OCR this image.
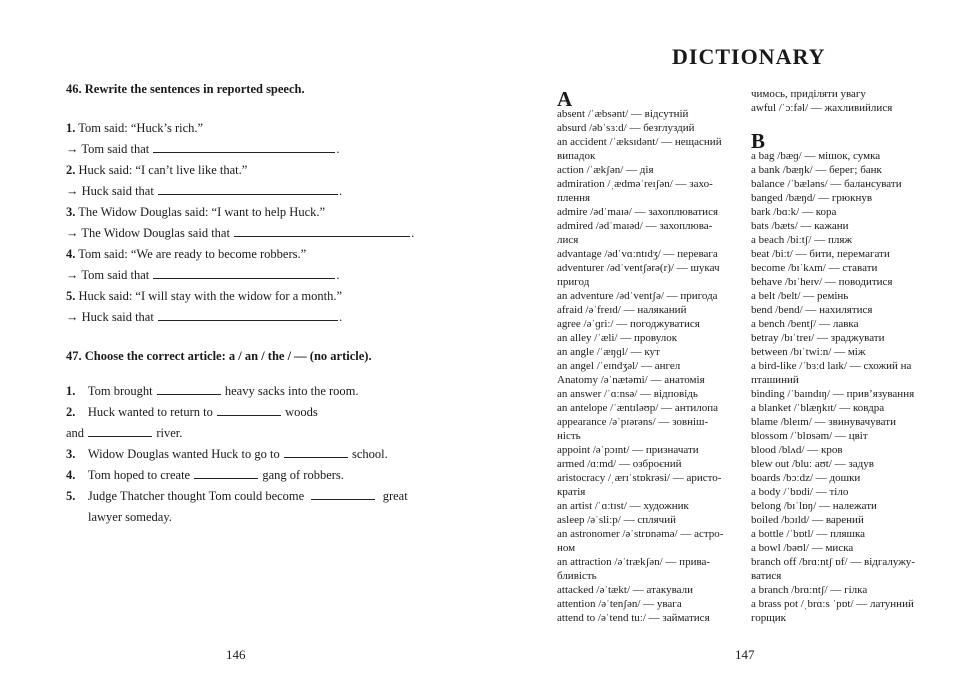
46. Rewrite the sentences in reported speech.
1. Tom said: “Huck’s rich.”
→ Tom said that	.
2. Huck said: “I can’t live like that.”
→ Huck said that	.
3. The Widow Douglas said: “I want to help Huck.”
→ The Widow Douglas said that	.
4. Tom said: “We are ready to become robbers.”
→ Tom said that	.
5. Huck said: “I will stay with the widow for a month.”
→ Huck said that	.
47. Choose the correct article: a / an / the / — (no article).
1. Tom brought	heavy sacks into the room.
2. Huck wanted to return to	woods
and	river.
3. Widow Douglas wanted Huck to go to	school.
4. Tom hoped to create	gang of robbers.
5. Judge Thatcher thought Tom could become	great
lawyer someday.
146
DICTIONARY
A
absent /ˈæbsənt/ — відсутній
absurd /əbˈsɜːd/ — безглуздий
an accident /ˈæksɪdənt/ — нещасний
випадок
action /ˈækʃən/ — дія
admiration /ˌædməˈreɪʃən/ — захо-
плення
admire /ədˈmaɪə/ — захоплюватися
admired /ədˈmaɪəd/ — захоплюва-
лися
advantage /ədˈvɑːntɪdʒ/ — перевага
adventurer /ədˈventʃərə(r)/ — шукач
пригод
an adventure /ədˈventʃə/ — пригода
afraid /əˈfreɪd/ — наляканий
agree /əˈɡriː/ — погоджуватися
an alley /ˈæli/ — провулок
an angle /ˈæŋɡl/ — кут
an angel /ˈeɪndʒəl/ — ангел
Anatomy /əˈnætəmi/ — анатомія
an answer /ˈɑːnsə/ — відповідь
an antelope /ˈæntɪləʊp/ — антилопа
appearance /əˈpɪərəns/ — зовніш-
ність
appoint /əˈpɔɪnt/ — призначати
armed /ɑːmd/ — озброєний
aristocracy /ˌærɪˈstɒkrəsi/ — аристо-
кратія
an artist /ˈɑːtɪst/ — художник
asleep /əˈsliːp/ — сплячий
an astronomer /əˈstrɒnəmə/ — астро-
ном
an attraction /əˈtrækʃən/ — прива-
бливість
attacked /əˈtækt/ — атакували
attention /əˈtenʃən/ — увага
attend to /əˈtend tuː/ — займатися
чимось, приділяти увагу
awful /ˈɔːfəl/ — жахливийлися
B
a bag /bæɡ/ — мішок, сумка
a bank /bæŋk/ — берег; банк
balance /ˈbæləns/ — балансувати
banged /bæŋd/ — грюкнув
bark /bɑːk/ — кора
bats /bæts/ — кажани
a beach /biːtʃ/ — пляж
beat /biːt/ — бити, перемагати
become /bɪˈkʌm/ — ставати
behave /bɪˈheɪv/ — поводитися
a belt /belt/ — ремінь
bend /bend/ — нахилятися
a bench /bentʃ/ — лавка
betray /bɪˈtreɪ/ — зраджувати
between /bɪˈtwiːn/ — між
a bird-like /ˈbɜːd laɪk/ — схожий на
пташиний
binding /ˈbaɪndɪŋ/ — прив’язування
a blanket /ˈblæŋkɪt/ — ковдра
blame /bleɪm/ — звинувачувати
blossom /ˈblɒsəm/ — цвіт
blood /blʌd/ — кров
blew out /bluː aʊt/ — задув
boards /bɔːdz/ — дошки
a body /ˈbɒdi/ — тіло
belong /bɪˈlɒŋ/ — належати
boiled /bɔɪld/ — варений
a bottle /ˈbɒtl/ — пляшка
a bowl /bəʊl/ — миска
branch off /brɑːntʃ ɒf/ — відгалужу-
ватися
a branch /brɑːntʃ/ — гілка
a brass pot /ˌbrɑːs ˈpɒt/ — латунний
горщик
147
